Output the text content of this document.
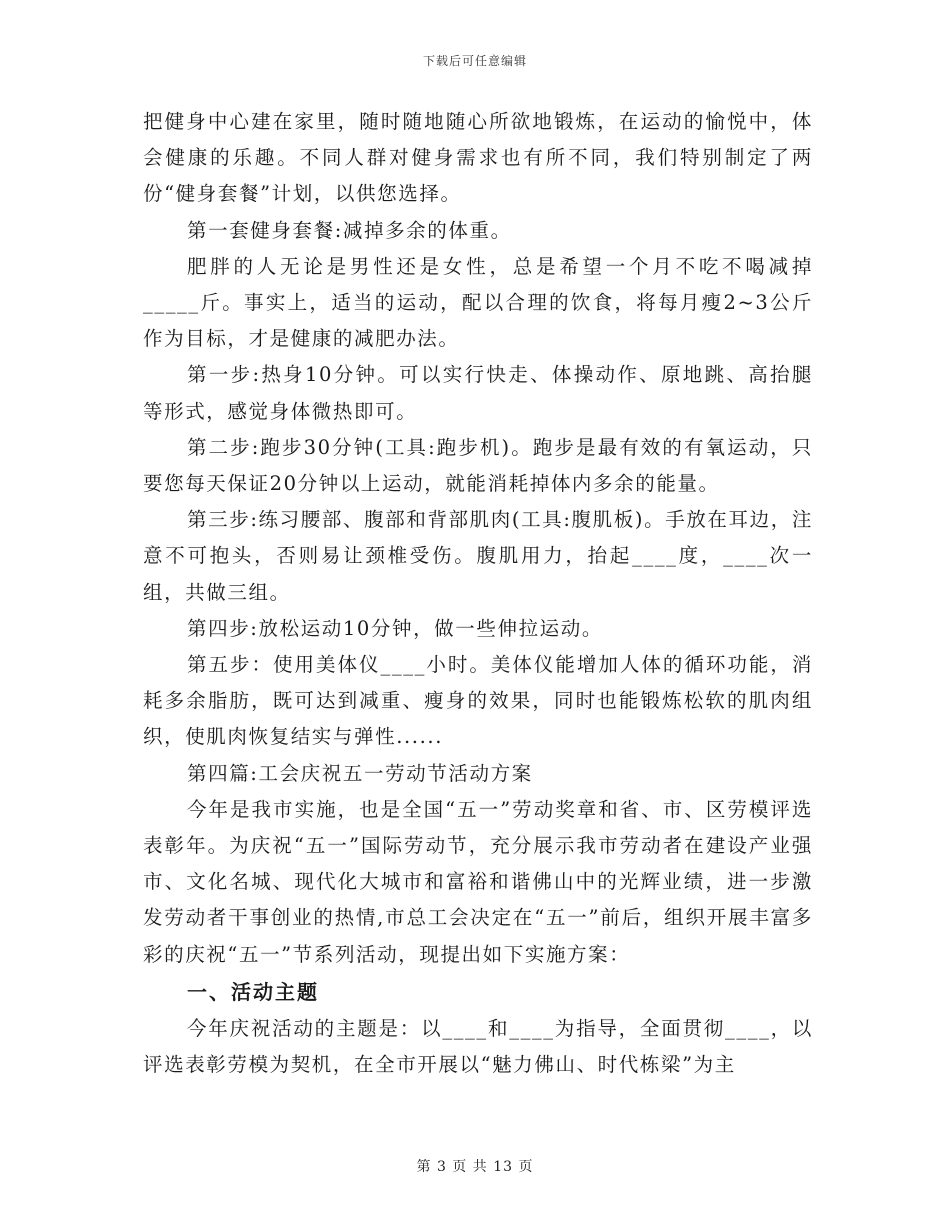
下载后可任意编辑

把健身中心建在家里，随时随地随心所欲地锻炼，在运动的愉悦中，体会健康的乐趣。不同人群对健身需求也有所不同，我们特别制定了两份“健身套餐”计划，以供您选择。

第一套健身套餐:减掉多余的体重。

肥胖的人无论是男性还是女性，总是希望一个月不吃不喝减掉_____斤。事实上，适当的运动，配以合理的饮食，将每月瘦2~3公斤作为目标，才是健康的减肥办法。

第一步:热身10分钟。可以实行快走、体操动作、原地跳、高抬腿等形式，感觉身体微热即可。

第二步:跑步30分钟(工具:跑步机)。跑步是最有效的有氧运动，只要您每天保证20分钟以上运动，就能消耗掉体内多余的能量。

第三步:练习腰部、腹部和背部肌肉(工具:腹肌板)。手放在耳边，注意不可抱头，否则易让颈椎受伤。腹肌用力，抬起____度，____次一组，共做三组。

第四步:放松运动10分钟，做一些伸拉运动。

第五步：使用美体仪____小时。美体仪能增加人体的循环功能，消耗多余脂肪，既可达到减重、瘦身的效果，同时也能锻炼松软的肌肉组织，使肌肉恢复结实与弹性......

第四篇:工会庆祝五一劳动节活动方案

今年是我市实施，也是全国“五一”劳动奖章和省、市、区劳模评选表彰年。为庆祝“五一”国际劳动节，充分展示我市劳动者在建设产业强市、文化名城、现代化大城市和富裕和谐佛山中的光辉业绩，进一步激发劳动者干事创业的热情,市总工会决定在“五一”前后，组织开展丰富多彩的庆祝“五一”节系列活动，现提出如下实施方案：

一、活动主题

今年庆祝活动的主题是：以____和____为指导，全面贯彻____，以评选表彰劳模为契机，在全市开展以“魅力佛山、时代栋梁”为主

第 3 页 共 13 页
